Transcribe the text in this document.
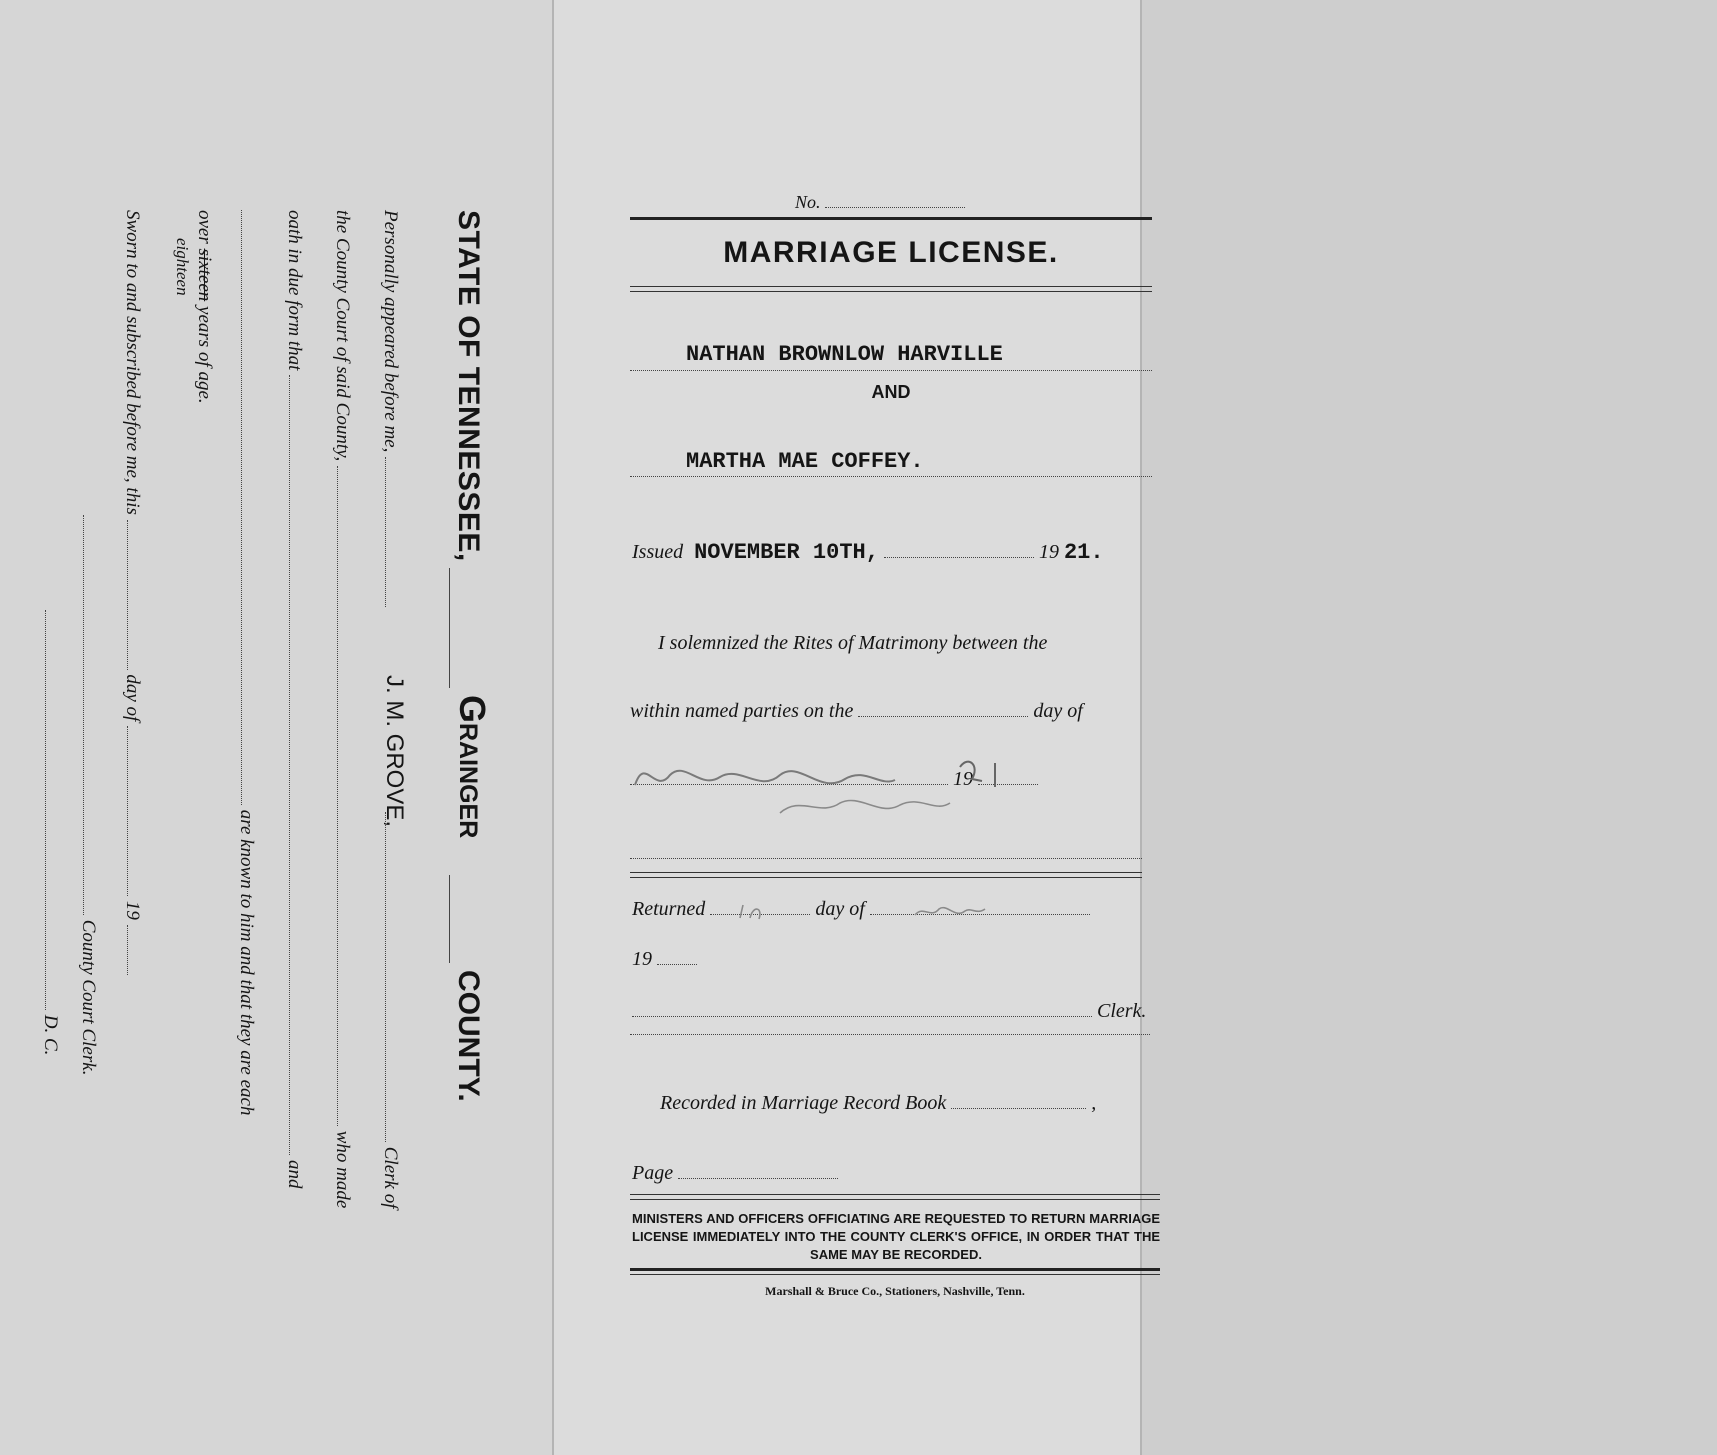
STATE OF TENNESSEE,
Grainger
COUNTY.
Personally appeared before me,
J. M. GROVE,
Clerk of
the County Court of said County,  who made
oath in due form that  and
are known to him and that they are each
over sixteen years of age.
eighteen
Sworn to and subscribed before me, this  day of  19
County Court Clerk.
D. C.
No.
MARRIAGE LICENSE.
NATHAN BROWNLOW HARVILLE
AND
MARTHA MAE COFFEY.
Issued NOVEMBER 10TH,	19 21.
I solemnized the Rites of Matrimony between the
within named parties on the	day of
19
Returned	day of
19
Clerk.
Recorded in Marriage Record Book	,
Page
MINISTERS AND OFFICERS OFFICIATING ARE REQUESTED TO RETURN MARRIAGE LICENSE IMMEDIATELY INTO THE COUNTY CLERK'S OFFICE, IN ORDER THAT THE SAME MAY BE RECORDED.
Marshall & Bruce Co., Stationers, Nashville, Tenn.
